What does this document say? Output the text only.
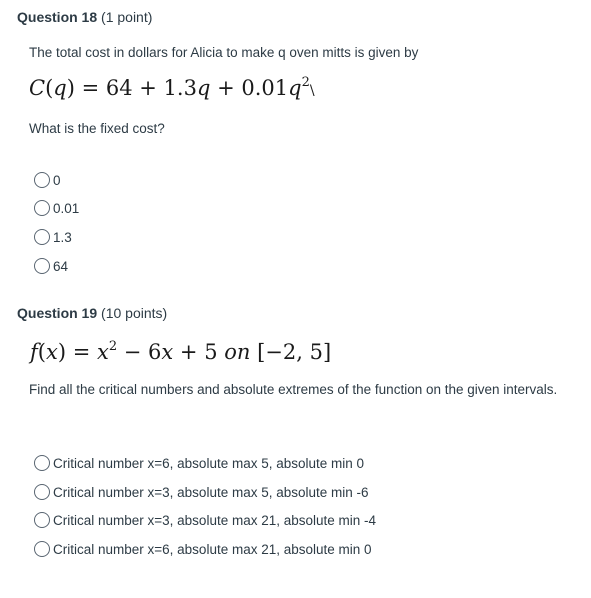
Question 18 (1 point)
The total cost in dollars for Alicia to make q oven mitts is given by
$C(q) = 64 + 1.3q + 0.01q^2\backslash$
What is the fixed cost?
0
0.01
1.3
64
Question 19 (10 points)
$f(x) = x^2 - 6x + 5$ on [−2, 5]
Find all the critical numbers and absolute extremes of the function on the given intervals.
Critical number x=6, absolute max 5, absolute min 0
Critical number x=3, absolute max 5, absolute min -6
Critical number x=3, absolute max 21, absolute min -4
Critical number x=6, absolute max 21, absolute min 0
